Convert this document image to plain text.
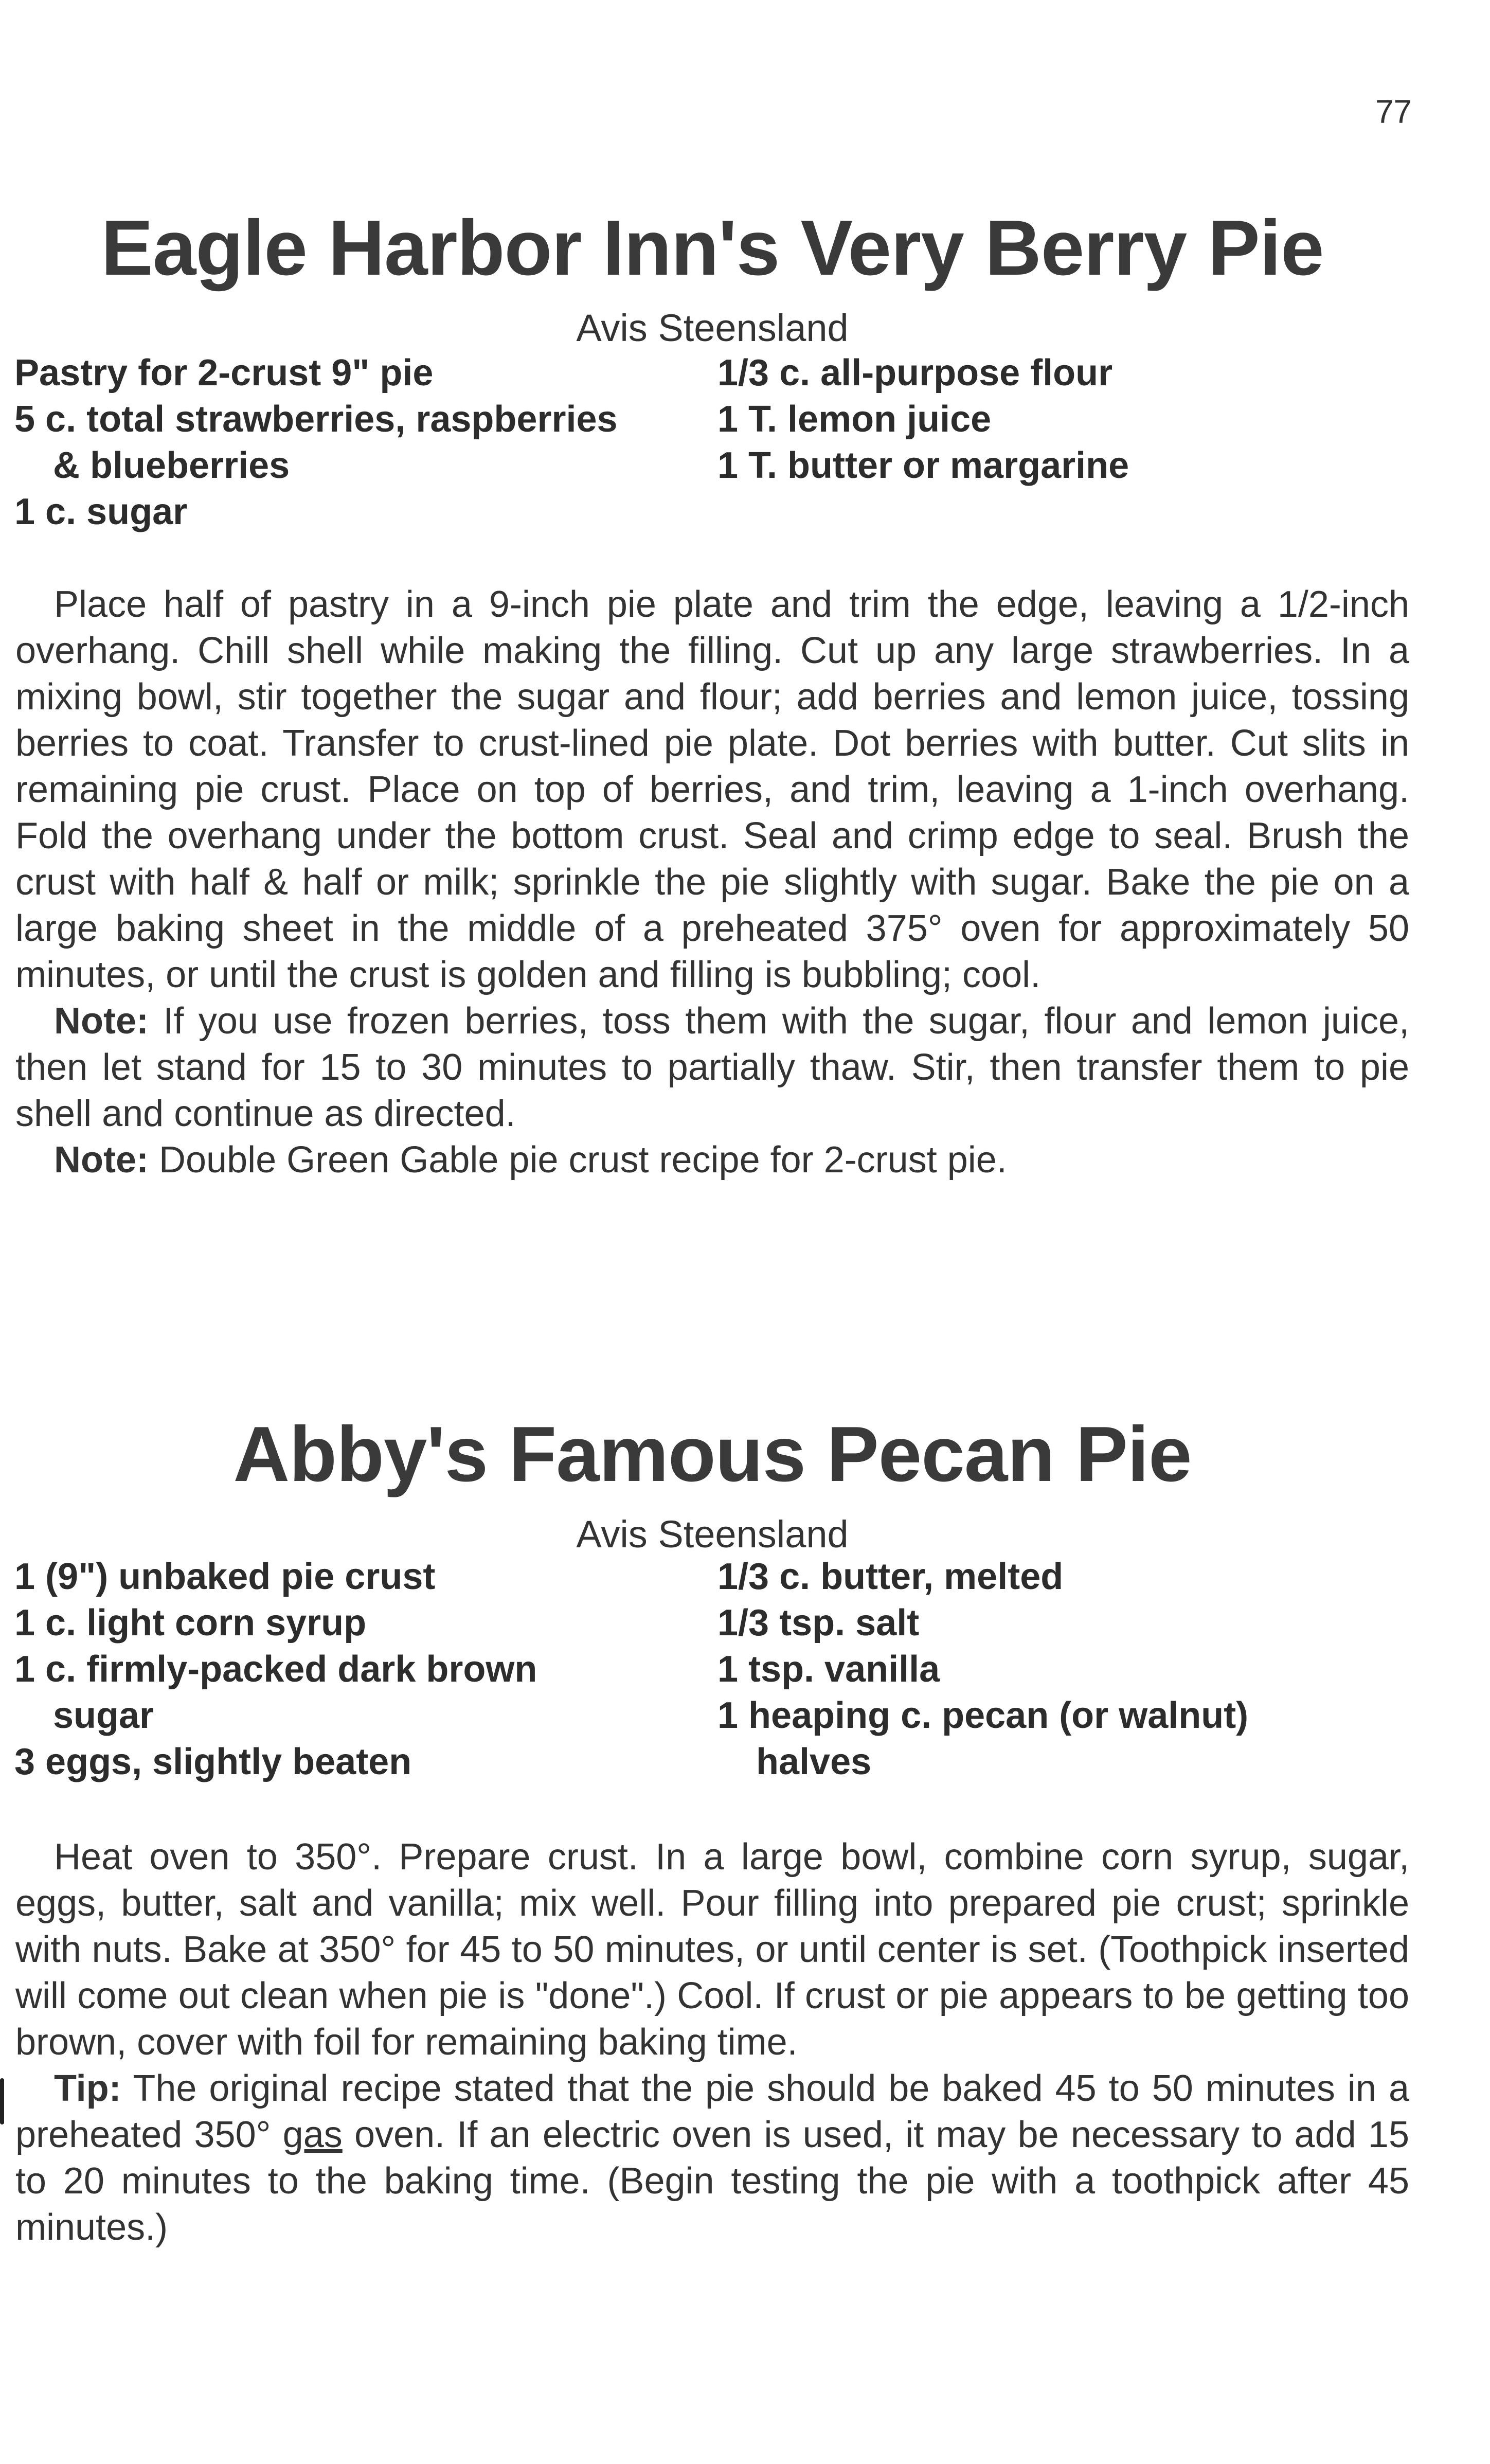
77
Eagle Harbor Inn's Very Berry Pie
Avis Steensland
Pastry for 2-crust 9" pie
5 c. total strawberries, raspberries
& blueberries
1 c. sugar
1/3 c. all-purpose flour
1 T. lemon juice
1 T. butter or margarine

Place half of pastry in a 9-inch pie plate and trim the edge, leaving a 1/2-inch overhang. Chill shell while making the filling. Cut up any large strawberries. In a mixing bowl, stir together the sugar and flour; add berries and lemon juice, tossing berries to coat. Transfer to crust-lined pie plate. Dot berries with butter. Cut slits in remaining pie crust. Place on top of berries, and trim, leaving a 1-inch overhang. Fold the overhang under the bottom crust. Seal and crimp edge to seal. Brush the crust with half & half or milk; sprinkle the pie slightly with sugar. Bake the pie on a large baking sheet in the middle of a preheated 375° oven for approximately 50 minutes, or until the crust is golden and filling is bubbling; cool.

Note: If you use frozen berries, toss them with the sugar, flour and lemon juice, then let stand for 15 to 30 minutes to partially thaw. Stir, then transfer them to pie shell and continue as directed.

Note: Double Green Gable pie crust recipe for 2-crust pie.

Abby's Famous Pecan Pie
Avis Steensland
1 (9") unbaked pie crust
1 c. light corn syrup
1 c. firmly-packed dark brown
sugar
3 eggs, slightly beaten
1/3 c. butter, melted
1/3 tsp. salt
1 tsp. vanilla
1 heaping c. pecan (or walnut)
halves

Heat oven to 350°. Prepare crust. In a large bowl, combine corn syrup, sugar, eggs, butter, salt and vanilla; mix well. Pour filling into prepared pie crust; sprinkle with nuts. Bake at 350° for 45 to 50 minutes, or until center is set. (Toothpick inserted will come out clean when pie is "done".) Cool. If crust or pie appears to be getting too brown, cover with foil for remaining baking time.

Tip: The original recipe stated that the pie should be baked 45 to 50 minutes in a preheated 350° gas oven. If an electric oven is used, it may be necessary to add 15 to 20 minutes to the baking time. (Begin testing the pie with a toothpick after 45 minutes.)
